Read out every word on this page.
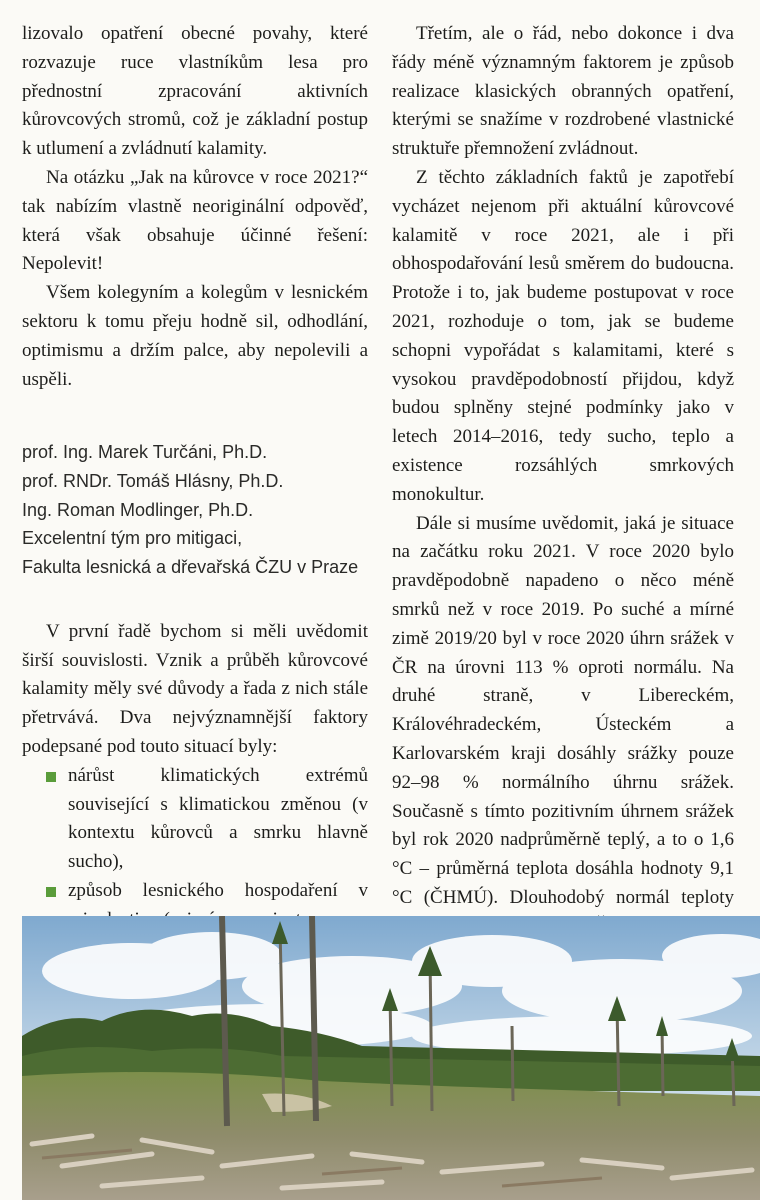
lizovalo opatření obecné povahy, které rozvazuje ruce vlastníkům lesa pro přednostní zpracování aktivních kůrovcových stromů, což je základní postup k utlumení a zvládnutí kalamity.

Na otázku „Jak na kůrovce v roce 2021?“ tak nabízím vlastně neoriginální odpověď, která však obsahuje účinné řešení: Nepolevit!

Všem kolegyním a kolegům v lesnickém sektoru k tomu přeju hodně sil, odhodlání, optimismu a držím palce, aby nepolevili a uspěli.

prof. Ing. Marek Turčáni, Ph.D.
prof. RNDr. Tomáš Hlásny, Ph.D.
Ing. Roman Modlinger, Ph.D.
Excelentní tým pro mitigaci,
Fakulta lesnická a dřevařská ČZU v Praze

V první řadě bychom si měli uvědomit širší souvislosti. Vznik a průběh kůrovcové kalamity měly své důvody a řada z nich stále přetrvává. Dva nejvýznamnější faktory podepsané pod touto situací byly:

nárůst klimatických extrémů související s klimatickou změnou (v kontextu kůrovců a smrku hlavně sucho),
způsob lesnického hospodaření v

Třetím, ale o řád, nebo dokonce i dva řády méně významným faktorem je způsob realizace klasických obranných opatření, kterými se snažíme v rozdrobené vlastnické struktuře přemnožení zvládnout.

Z těchto základních faktů je zapotřebí vycházet nejenom při aktuální kůrovcové kalamitě v roce 2021, ale i při obhospodařování lesů směrem do budoucna. Protože i to, jak budeme postupovat v roce 2021, rozhoduje o tom, jak se budeme schopni vypořádat s kalamitami, které s vysokou pravděpodobností přijdou, když budou splněny stejné podmínky jako v letech 2014–2016, tedy sucho, teplo a existence rozsáhlých smrkových monokultur.

Dále si musíme uvědomit, jaká je situace na začátku roku 2021. V roce 2020 bylo pravděpodobně napadeno o něco méně smrků než v roce 2019. Po suché a mírné zimě 2019/20 byl v roce 2020 úhrn srážek v ČR na úrovni 113 % oproti normálu. Na druhé straně, v Libereckém, Královéhradeckém, Ústeckém a Karlovarském kraji dosáhly srážky pouze 92–98 % normálního úhrnu srážek. Současně s tímto pozitivním úhrnem srážek byl rok 2020 nadprůměrně teplý, a to o 1,6 °C – průměrná teplota dosáhla hodnoty 9,1 °C (ČHMÚ). Dlouhodobý normál teploty
